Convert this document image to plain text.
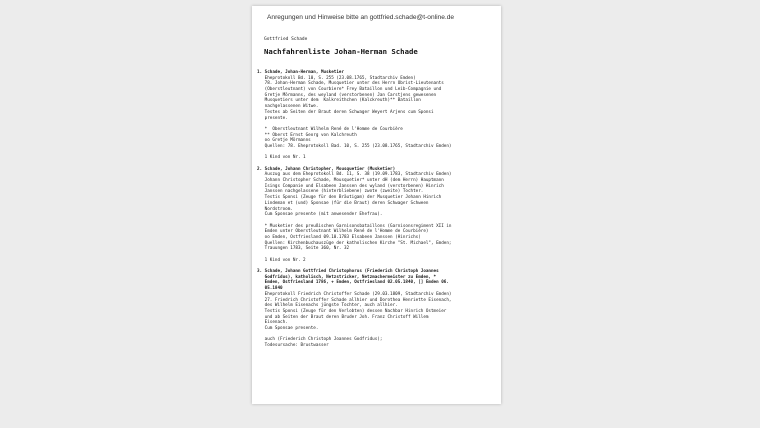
Anregungen und Hinweise bitte an gottfried.schade@t-online.de
Gottfried Schade
Nachfahrenliste Johan-Herman Schade
1. Schade, Johan-Herman, Musketier
Eheprotokoll Bd. 10, S. 255 (23.08.1765, Stadtarchiv Emden)
78. Johan-Herman Schade, Musquetier unter des Herrn Obrist-Lieutenants
(Oberstleutnant) von Courbiere* Frey Bataillon und Leib-Compagnie und
Gretje Mörmanns, des weyland (verstorbenen) Jan Carstjens gewesenen
Musquetiers unter dem  Kalkreithchen (Kalckreuth)** Bataillon
nachgelassenen Witwe.
Testes ab Seiten der Braut deren Schwager Weyert Arjens cum Sponsi
presente.
*  Oberstleutnant Wilhelm René de l'Homme de Courbière
** Oberst Ernst Georg von Kalchreuth
oo Gretje Mörmanns
Quellen: 78. Eheprotokoll Bad. 10, S. 255 (23.08.1765, Stadtarchiv Emden)
1 Kind von Nr. 1
2. Schade, Johann Christopher, Mousquetier (Musketier)
Auszug aus dem Eheprotokoll Bd. 11, S. 38 (19.09.1783, Stadtarchiv Emden)
Johann Christopher Schade, Mousquetier* unter dH (dem Herrn) Hauptmann
Isings Companie und Elsabeen Janssen des wyland (verstorbenen) Hinrich
Janssen nachgelassene (hinterbliebene) zwote (zweite) Tochter.
Testis Sponsi (Zeuge für den Bräutigam) der Musquetier Johann Hinrich
Lindeman et (und) Sponsae (für die Braut) deren Schwager Schween
Nordstroom.
Cum Sponsae presente (mit anwesender Ehefrau).
* Musketier des preußischen Garnisonsbataillons (Garnisonsregiment XII in
Emden unter Oberstleutnant Wilhelm René de l'Homme de Courbière)
oo Emden, Ostfriesland 09.10.1783 Elsabeen Janssen (Hinrichs)
Quellen: Kirchenbuchauszüge der katholischen Kirche "St. Michael", Emden;
Trauungen 1783, Seite 360, Nr. 32
1 Kind von Nr. 2
3. Schade, Johann Gottfried Christophorus (Friederich Christoph Joannes
Godfridus), katholisch, Netzstricker, Netzmachermeister zu Emden, *
Emden, Ostfriesland 1786, + Emden, Ostfriesland 02.05.1840, [] Emden 06.
05.1840
Eheprotokoll Friedrich Christoffer Schade (29.03.1809, Stadtarchiv Emden)
27. Friedrich Christoffer Schade allhier und Dorothea Henriette Eisenach,
des Wilhelm Eisenachs jüngste Tochter, auch allhier.
Testis Sponsi (Zeuge für den Verlobten) dessen Nachbar Hinrich Ostmeier
und ab Seiten der Braut deren Bruder Joh. Franz Christoff Willem
Eisenach.
Cum Sponsae presente.
auch (Friederich Christoph Joannes Godfridus);
Todesursache: Brustwasser
